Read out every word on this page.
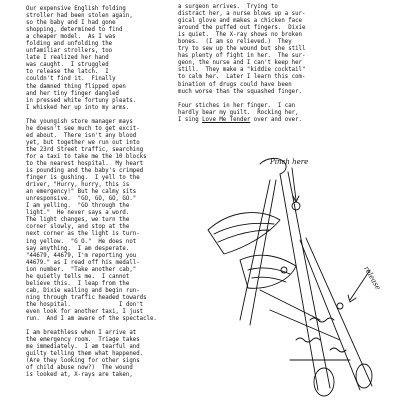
Our expensive English folding
stroller had been stolen again,
so the baby and I had gone
shopping, determined to find
a cheaper model.  As I was
folding and unfolding the
unfamiliar strollers, too
late I realized her hand
was caught.  I struggled
to release the latch.  I
couldn't find it.  Finally
the damned thing flipped open
and her tiny finger dangled
in pressed white fortuny pleats.
I whisked her up into my arms.

The youngish store manager mays
he doesn't see much to get excit-
ed about.  There isn't any blood
yet, but together we run out into
the 23rd Street traffic, searching
for a taxi to take me the 10 blocks
to the nearest hospital.  My heart
is pounding and the baby's crimped
finger is gushing.  I yell to the
driver, "Hurry, hurry, this is
an emergency!" But he calmy sits
unresponsive.  "GO, GO, GO, GO."
I am yelling.  "GO through the
light."  He never says a word.
The light changes, we turn the
corner slowly, and stop at the
next corner as the light is turn-
ing yellow.  "G O."  He does not
say anything.  I am desperate.
"44679, 44679, I'm reporting you
44679." as I read off his medall-
ion number.  "Take another cab,"
he quietly tells me.  I cannot
believe this.  I leap from the
cab, Dixie wailing and begin run-
ning through traffic headed towards
the hospital.              I don't
even look for another taxi, I just
run.  And I am aware of the spectacle.

I am breathless when I arrive at
the emergency room.  Triage takes
me immediately.  I am tearful and
guilty telling them what happened.
(Are they looking for other signs
of child abuse now?)  The wound
is looked at, X-rays are taken,

a surgeon arrives.  Trying to
distract her, a nurse blows up a sur-
gical glove and makes a chicken face
around the puffed out fingers.  Dixie
is quiet.  The X-ray shows no broken
bones.  (I am so relieved.)  They
try to sew up the wound but she still
has plenty of fight in her.  The sur-
geon, the nurse and I can't keep her
still.  They make a "kiddie cocktail"
to calm her.  Later I learn this com-
bination of drugs could have been
much worse than the squashed finger.

Four stiches in her finger.  I can
hardly bear my guilt.  Rocking her,
I sing Love Me Tender over and over.

Pinch here
release
